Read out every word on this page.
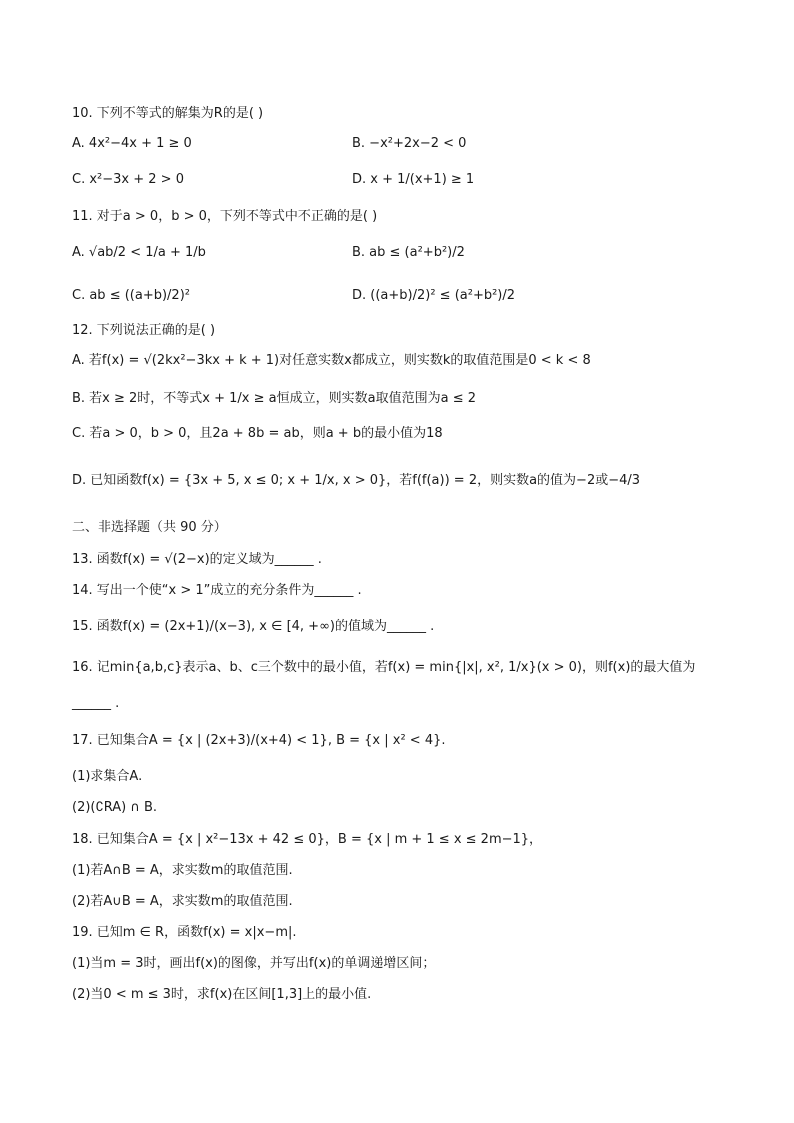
10. 下列不等式的解集为R的是( )
A. 4x²−4x + 1 ≥ 0	B. −x²+2x−2 < 0
C. x²−3x + 2 > 0	D. x + 1/(x+1) ≥ 1
11. 对于a > 0，b > 0，下列不等式中不正确的是( )
A. √ab/2 < 1/a + 1/b	B. ab ≤ (a²+b²)/2
C. ab ≤ ((a+b)/2)²	D. ((a+b)/2)² ≤ (a²+b²)/2
12. 下列说法正确的是( )
A. 若f(x) = √(2kx²−3kx + k + 1)对任意实数x都成立，则实数k的取值范围是0 < k < 8
B. 若x ≥ 2时，不等式x + 1/x ≥ a恒成立，则实数a取值范围为a ≤ 2
C. 若a > 0，b > 0，且2a + 8b = ab，则a + b的最小值为18
D. 已知函数f(x) = {3x + 5, x ≤ 0; x + 1/x, x > 0}，若f(f(a)) = 2，则实数a的值为−2或−4/3
二、非选择题（共 90 分）
13. 函数f(x) = √(2−x)的定义域为______ .
14. 写出一个使“x > 1”成立的充分条件为______ .
15. 函数f(x) = (2x+1)/(x−3), x ∈ [4, +∞)的值域为______ .
16. 记min{a,b,c}表示a、b、c三个数中的最小值，若f(x) = min{|x|, x², 1/x}(x > 0)，则f(x)的最大值为
______ .
17. 已知集合A = {x | (2x+3)/(x+4) < 1}, B = {x | x² < 4}.
(1)求集合A.
(2)(∁RA) ∩ B.
18. 已知集合A = {x | x²−13x + 42 ≤ 0}，B = {x | m + 1 ≤ x ≤ 2m−1}，
(1)若A∩B = A，求实数m的取值范围.
(2)若A∪B = A，求实数m的取值范围.
19. 已知m ∈ R，函数f(x) = x|x−m|.
(1)当m = 3时，画出f(x)的图像，并写出f(x)的单调递增区间；
(2)当0 < m ≤ 3时，求f(x)在区间[1,3]上的最小值.
